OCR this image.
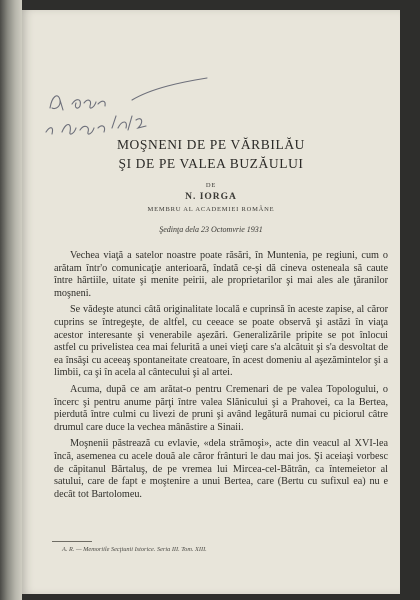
MOŞNENI DE PE VĂRBILĂU
ŞI DE PE VALEA BUZĂULUI
DE
N. IORGA
MEMBRU AL ACADEMIEI ROMÂNE
Şedinţa dela 23 Octomvrie 1931

Vechea viaţă a satelor noastre poate răsări, în Muntenia, pe regiuni, cum o arătam într'o comunicaţie anterioară, îndată ce-şi dă cineva osteneala să caute între hârtiile, uitate şi menite peirii, ale proprietarilor şi mai ales ale ţăranilor moşneni.

Se vădeşte atunci câtă originalitate locală e cuprinsă în aceste zapise, al căror cuprins se întregeşte, de altfel, cu ceeace se poate observă şi astăzi în viaţa acestor interesante şi venerabile aşezări. Generalizările pripite se pot înlocui astfel cu privelistea cea mai felurită a unei vieţi care s'a alcătuit şi s'a desvoltat de ea însăşi cu aceeaş spontaneitate creatoare, în acest domeniu al aşezămintelor şi a limbii, ca şi în acela al cântecului şi al artei.

Acuma, după ce am arătat-o pentru Cremenari de pe valea Topologului, o încerc şi pentru anume părţi între valea Slănicului şi a Prahovei, ca la Bertea, pierdută între culmi cu livezi de pruni şi având legătură numai cu piciorul câtre drumul care duce la vechea mânăstire a Sinaii.

Moşnenii păstrează cu evlavie, «dela strămoşi», acte din veacul al XVI-lea încă, asemenea cu acele două ale căror frânturi le dau mai jos. Şi aceiaşi vorbesc de căpitanul Bărtaluş, de pe vremea lui Mircea-cel-Bătrân, ca întemeietor al satului, care de fapt e moştenire a unui Bertea, care (Bertu cu sufixul ea) nu e decât tot Bartolomeu.

A. R. — Memoriile Secţiunii Istorice. Seria III. Tom. XIII.
